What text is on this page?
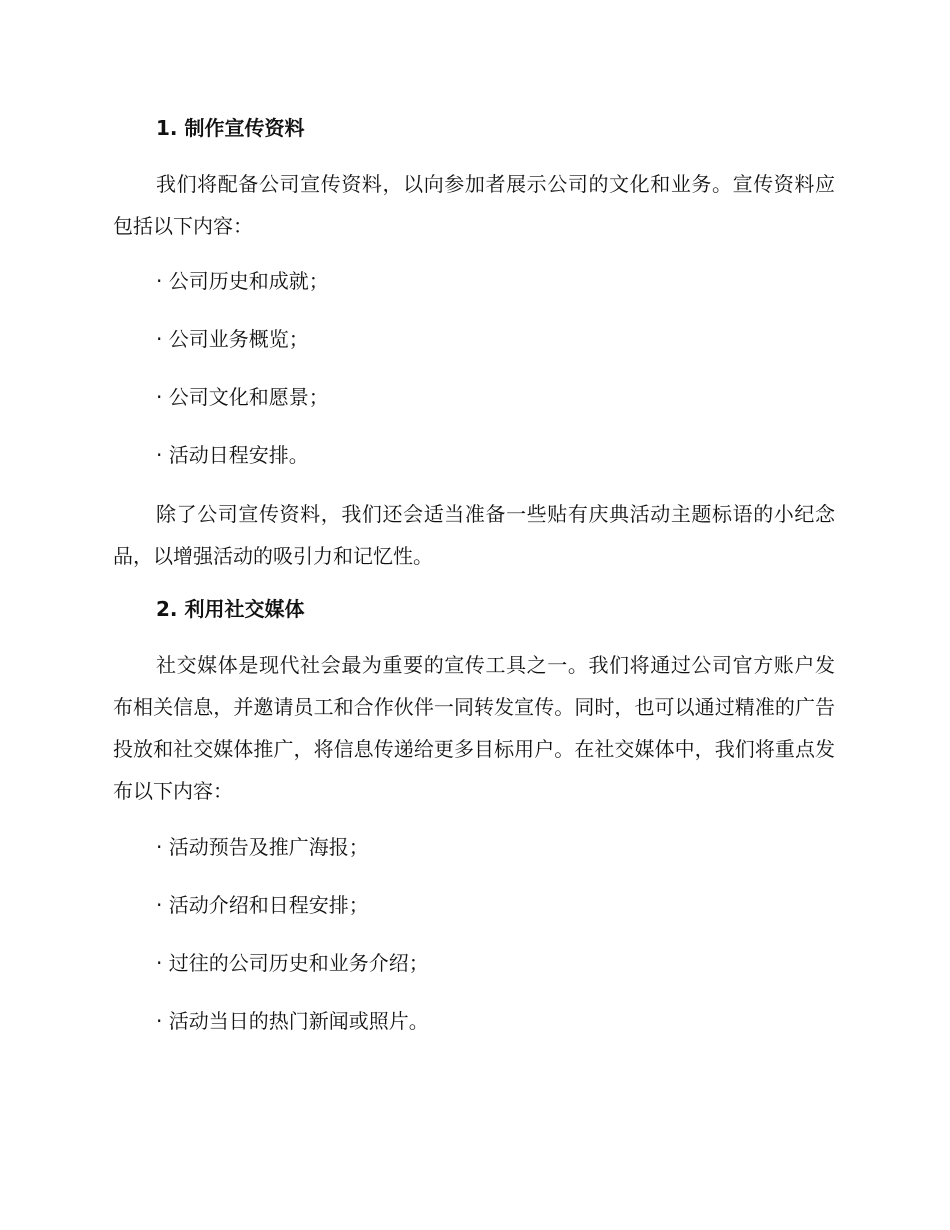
1. 制作宣传资料

我们将配备公司宣传资料，以向参加者展示公司的文化和业务。宣传资料应包括以下内容：

· 公司历史和成就；

· 公司业务概览；

· 公司文化和愿景；

· 活动日程安排。

除了公司宣传资料，我们还会适当准备一些贴有庆典活动主题标语的小纪念品，以增强活动的吸引力和记忆性。

2. 利用社交媒体

社交媒体是现代社会最为重要的宣传工具之一。我们将通过公司官方账户发布相关信息，并邀请员工和合作伙伴一同转发宣传。同时，也可以通过精准的广告投放和社交媒体推广，将信息传递给更多目标用户。在社交媒体中，我们将重点发布以下内容：

· 活动预告及推广海报；

· 活动介绍和日程安排；

· 过往的公司历史和业务介绍；

· 活动当日的热门新闻或照片。
